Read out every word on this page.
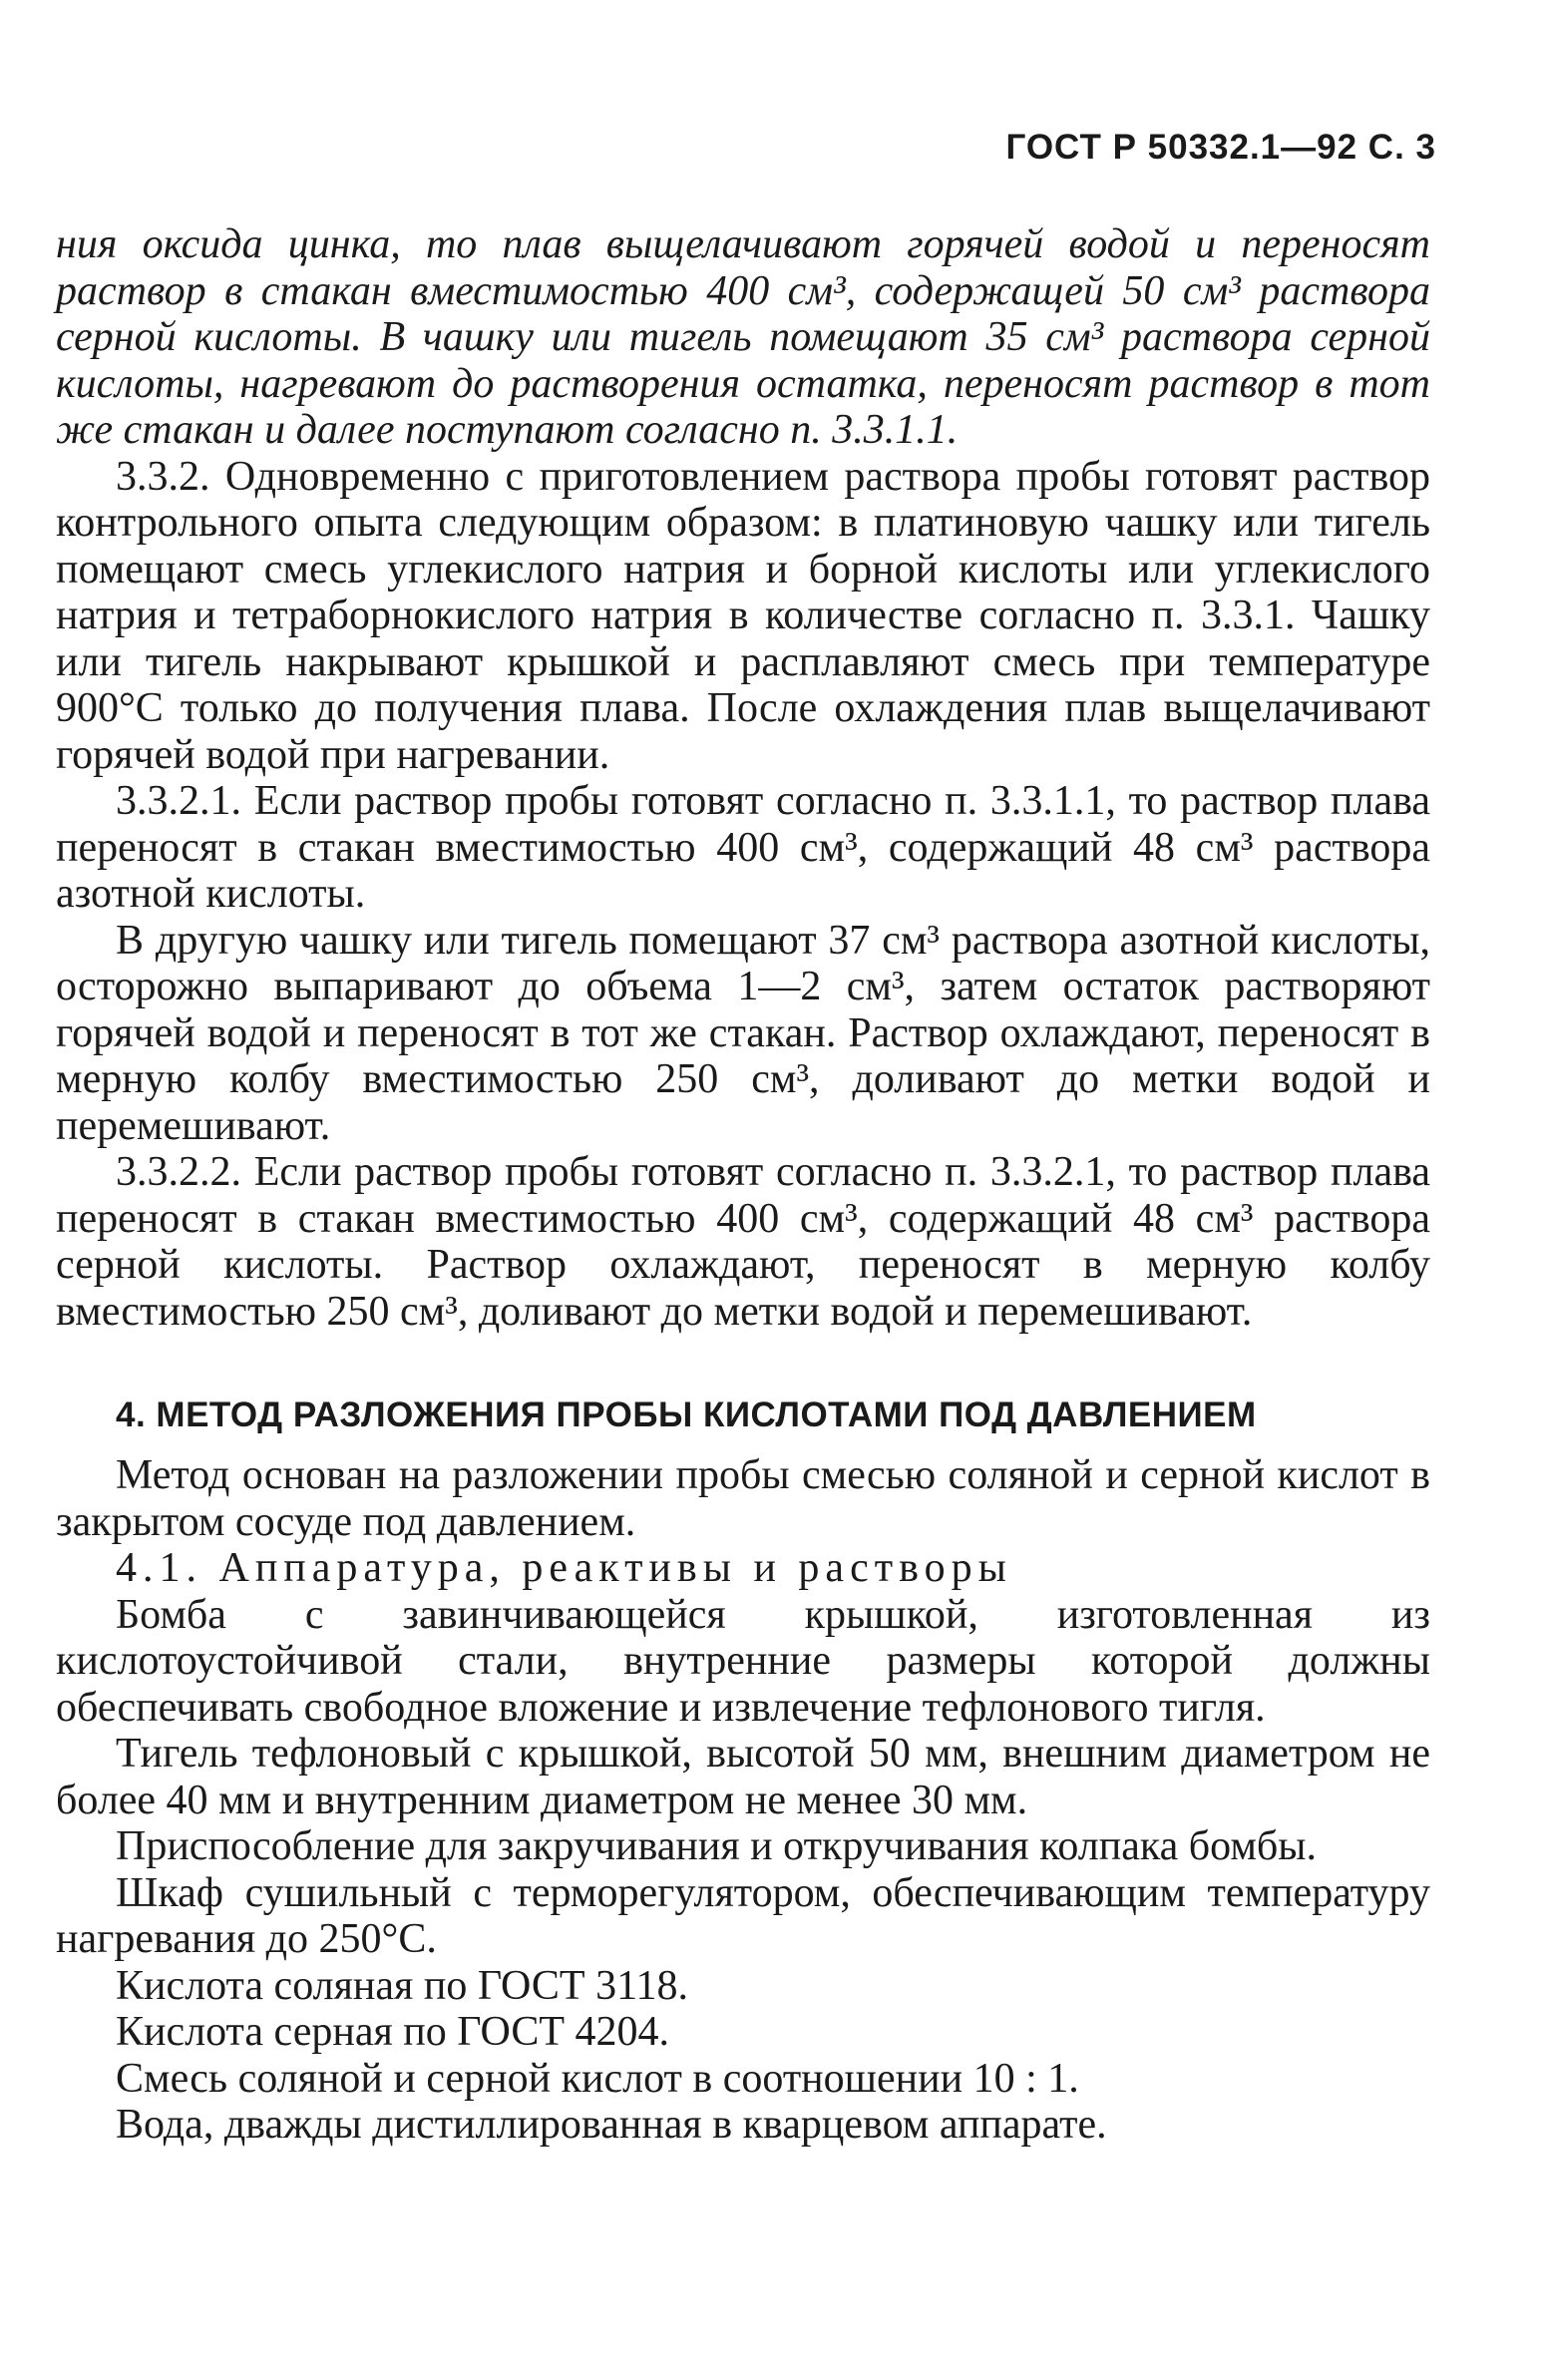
ГОСТ Р 50332.1—92 С. 3

ния оксида цинка, то плав выщелачивают горячей водой и переносят раствор в стакан вместимостью 400 см³, содержащей 50 см³ раствора серной кислоты. В чашку или тигель помещают 35 см³ раствора серной кислоты, нагревают до растворения остатка, переносят раствор в тот же стакан и далее поступают согласно п. 3.3.1.1.

3.3.2. Одновременно с приготовлением раствора пробы готовят раствор контрольного опыта следующим образом: в платиновую чашку или тигель помещают смесь углекислого натрия и борной кислоты или углекислого натрия и тетраборнокислого натрия в количестве согласно п. 3.3.1. Чашку или тигель накрывают крышкой и расплавляют смесь при температуре 900°С только до получения плава. После охлаждения плав выщелачивают горячей водой при нагревании.

3.3.2.1. Если раствор пробы готовят согласно п. 3.3.1.1, то раствор плава переносят в стакан вместимостью 400 см³, содержащий 48 см³ раствора азотной кислоты.

В другую чашку или тигель помещают 37 см³ раствора азотной кислоты, осторожно выпаривают до объема 1—2 см³, затем остаток растворяют горячей водой и переносят в тот же стакан. Раствор охлаждают, переносят в мерную колбу вместимостью 250 см³, доливают до метки водой и перемешивают.

3.3.2.2. Если раствор пробы готовят согласно п. 3.3.2.1, то раствор плава переносят в стакан вместимостью 400 см³, содержащий 48 см³ раствора серной кислоты. Раствор охлаждают, переносят в мерную колбу вместимостью 250 см³, доливают до метки водой и перемешивают.

4. МЕТОД РАЗЛОЖЕНИЯ ПРОБЫ КИСЛОТАМИ ПОД ДАВЛЕНИЕМ

Метод основан на разложении пробы смесью соляной и серной кислот в закрытом сосуде под давлением.

4.1. Аппаратура, реактивы и растворы

Бомба с завинчивающейся крышкой, изготовленная из кислотоустойчивой стали, внутренние размеры которой должны обеспечивать свободное вложение и извлечение тефлонового тигля.

Тигель тефлоновый с крышкой, высотой 50 мм, внешним диаметром не более 40 мм и внутренним диаметром не менее 30 мм.

Приспособление для закручивания и откручивания колпака бомбы.

Шкаф сушильный с терморегулятором, обеспечивающим температуру нагревания до 250°С.

Кислота соляная по ГОСТ 3118.

Кислота серная по ГОСТ 4204.

Смесь соляной и серной кислот в соотношении 10 : 1.

Вода, дважды дистиллированная в кварцевом аппарате.
